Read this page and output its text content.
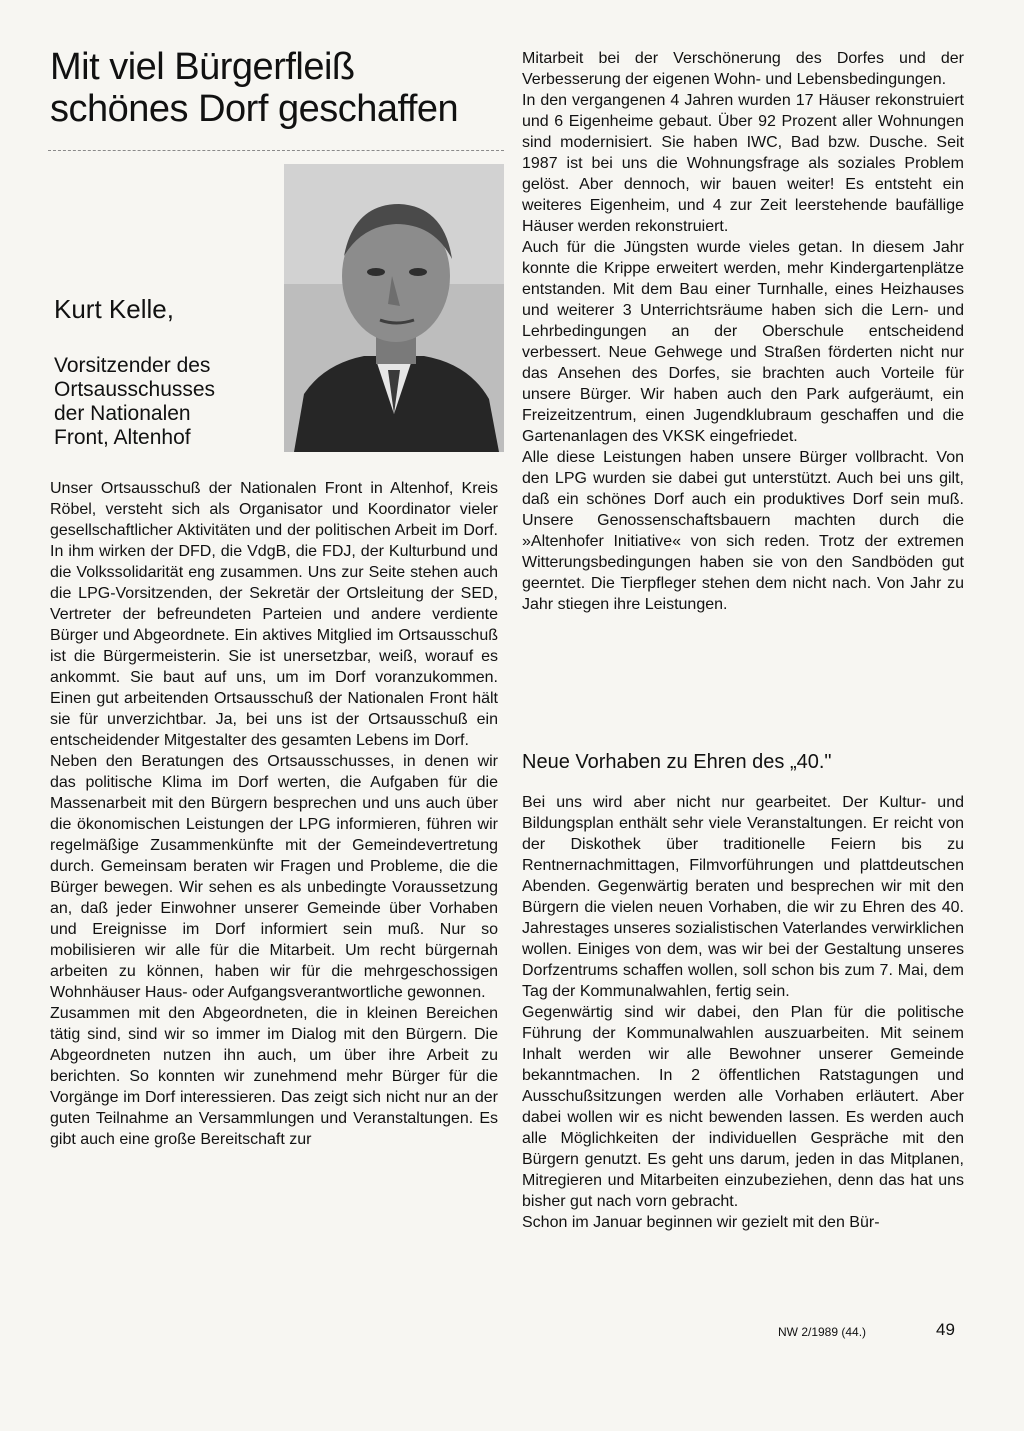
Mit viel Bürgerfleiß
schönes Dorf geschaffen
Kurt Kelle,
Vorsitzender des
Ortsausschusses
der Nationalen
Front, Altenhof

Unser Ortsausschuß der Nationalen Front in Altenhof, Kreis Röbel, versteht sich als Organisator und Koordinator vieler gesellschaftlicher Aktivitäten und der politischen Arbeit im Dorf. In ihm wirken der DFD, die VdgB, die FDJ, der Kulturbund und die Volkssolidarität eng zusammen. Uns zur Seite stehen auch die LPG-Vorsitzenden, der Sekretär der Ortsleitung der SED, Vertreter der befreundeten Parteien und andere verdiente Bürger und Abgeordnete. Ein aktives Mitglied im Ortsausschuß ist die Bürgermeisterin. Sie ist unersetzbar, weiß, worauf es ankommt. Sie baut auf uns, um im Dorf voranzukommen. Einen gut arbeitenden Ortsausschuß der Nationalen Front hält sie für unverzichtbar. Ja, bei uns ist der Ortsausschuß ein entscheidender Mitgestalter des gesamten Lebens im Dorf.

Neben den Beratungen des Ortsausschusses, in denen wir das politische Klima im Dorf werten, die Aufgaben für die Massenarbeit mit den Bürgern besprechen und uns auch über die ökonomischen Leistungen der LPG informieren, führen wir regelmäßige Zusammenkünfte mit der Gemeindevertretung durch. Gemeinsam beraten wir Fragen und Probleme, die die Bürger bewegen. Wir sehen es als unbedingte Voraussetzung an, daß jeder Einwohner unserer Gemeinde über Vorhaben und Ereignisse im Dorf informiert sein muß. Nur so mobilisieren wir alle für die Mitarbeit. Um recht bürgernah arbeiten zu können, haben wir für die mehrgeschossigen Wohnhäuser Haus- oder Aufgangsverantwortliche gewonnen.

Zusammen mit den Abgeordneten, die in kleinen Bereichen tätig sind, sind wir so immer im Dialog mit den Bürgern. Die Abgeordneten nutzen ihn auch, um über ihre Arbeit zu berichten. So konnten wir zunehmend mehr Bürger für die Vorgänge im Dorf interessieren. Das zeigt sich nicht nur an der guten Teilnahme an Versammlungen und Veranstaltungen. Es gibt auch eine große Bereitschaft zur

Mitarbeit bei der Verschönerung des Dorfes und der Verbesserung der eigenen Wohn- und Lebensbedingungen.

In den vergangenen 4 Jahren wurden 17 Häuser rekonstruiert und 6 Eigenheime gebaut. Über 92 Prozent aller Wohnungen sind modernisiert. Sie haben IWC, Bad bzw. Dusche. Seit 1987 ist bei uns die Wohnungsfrage als soziales Problem gelöst. Aber dennoch, wir bauen weiter! Es entsteht ein weiteres Eigenheim, und 4 zur Zeit leerstehende baufällige Häuser werden rekonstruiert.

Auch für die Jüngsten wurde vieles getan. In diesem Jahr konnte die Krippe erweitert werden, mehr Kindergartenplätze entstanden. Mit dem Bau einer Turnhalle, eines Heizhauses und weiterer 3 Unterrichtsräume haben sich die Lern- und Lehrbedingungen an der Oberschule entscheidend verbessert. Neue Gehwege und Straßen förderten nicht nur das Ansehen des Dorfes, sie brachten auch Vorteile für unsere Bürger. Wir haben auch den Park aufgeräumt, ein Freizeitzentrum, einen Jugendklubraum geschaffen und die Gartenanlagen des VKSK eingefriedet.

Alle diese Leistungen haben unsere Bürger vollbracht. Von den LPG wurden sie dabei gut unterstützt. Auch bei uns gilt, daß ein schönes Dorf auch ein produktives Dorf sein muß. Unsere Genossenschaftsbauern machten durch die »Altenhofer Initiative« von sich reden. Trotz der extremen Witterungsbedingungen haben sie von den Sandböden gut geerntet. Die Tierpfleger stehen dem nicht nach. Von Jahr zu Jahr stiegen ihre Leistungen.

Neue Vorhaben zu Ehren des „40."

Bei uns wird aber nicht nur gearbeitet. Der Kultur- und Bildungsplan enthält sehr viele Veranstaltungen. Er reicht von der Diskothek über traditionelle Feiern bis zu Rentnernachmittagen, Filmvorführungen und plattdeutschen Abenden. Gegenwärtig beraten und besprechen wir mit den Bürgern die vielen neuen Vorhaben, die wir zu Ehren des 40. Jahrestages unseres sozialistischen Vaterlandes verwirklichen wollen. Einiges von dem, was wir bei der Gestaltung unseres Dorfzentrums schaffen wollen, soll schon bis zum 7. Mai, dem Tag der Kommunalwahlen, fertig sein.

Gegenwärtig sind wir dabei, den Plan für die politische Führung der Kommunalwahlen auszuarbeiten. Mit seinem Inhalt werden wir alle Bewohner unserer Gemeinde bekanntmachen. In 2 öffentlichen Ratstagungen und Ausschußsitzungen werden alle Vorhaben erläutert. Aber dabei wollen wir es nicht bewenden lassen. Es werden auch alle Möglichkeiten der individuellen Gespräche mit den Bürgern genutzt. Es geht uns darum, jeden in das Mitplanen, Mitregieren und Mitarbeiten einzubeziehen, denn das hat uns bisher gut nach vorn gebracht.

Schon im Januar beginnen wir gezielt mit den Bür-

NW 2/1989 (44.)	49
